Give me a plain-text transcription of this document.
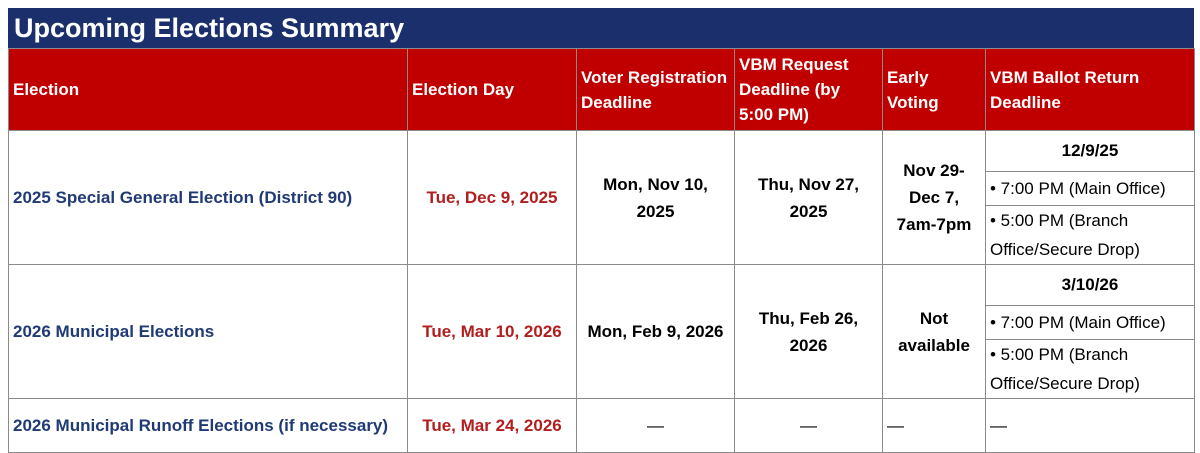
Upcoming Elections Summary
Election	Election Day	Voter Registration Deadline	VBM Request Deadline (by 5:00 PM)	Early Voting	VBM Ballot Return Deadline
2025 Special General Election (District 90)	Tue, Dec 9, 2025	Mon, Nov 10, 2025	Thu, Nov 27, 2025	Nov 29-Dec 7, 7am-7pm	12/9/25
• 7:00 PM (Main Office)
• 5:00 PM (Branch Office/Secure Drop)

2026 Municipal Elections	Tue, Mar 10, 2026	Mon, Feb 9, 2026	Thu, Feb 26, 2026	Not available	3/10/26
• 7:00 PM (Main Office)
• 5:00 PM (Branch Office/Secure Drop)

2026 Municipal Runoff Elections (if necessary)	Tue, Mar 24, 2026	—	—	—	—
